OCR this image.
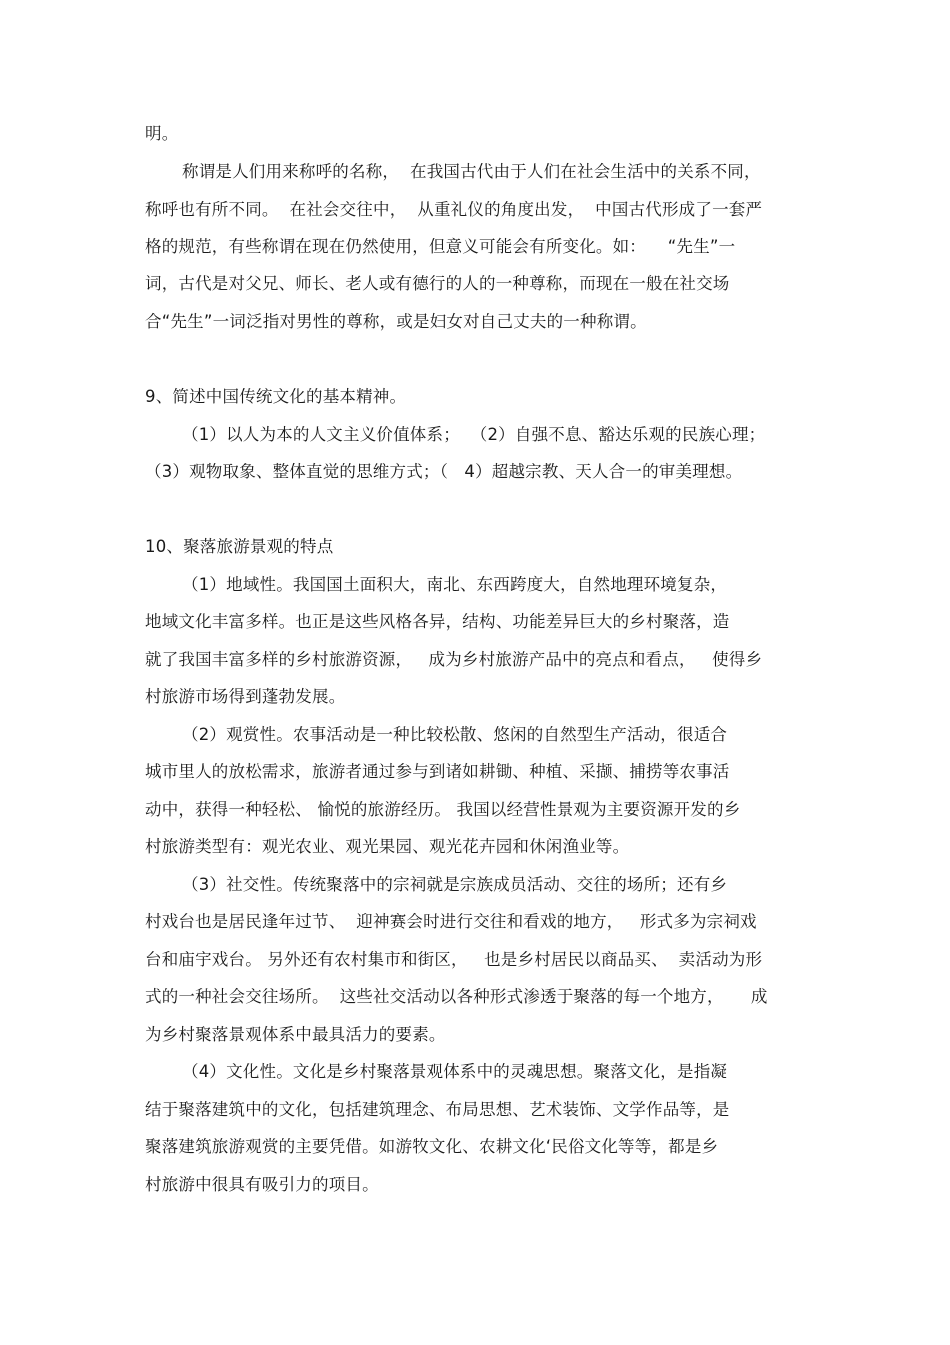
明。
称谓是人们用来称呼的名称，  在我国古代由于人们在社会生活中的关系不同，
称呼也有所不同。  在社会交往中，  从重礼仪的角度出发，  中国古代形成了一套严
格的规范，有些称谓在现在仍然使用，但意义可能会有所变化。如：    “先生”一
词，古代是对父兄、师长、老人或有德行的人的一种尊称，而现在一般在社交场
合“先生”一词泛指对男性的尊称，或是妇女对自己丈夫的一种称谓。
9、简述中国传统文化的基本精神。
（1）以人为本的人文主义价值体系；  （2）自强不息、豁达乐观的民族心理；
（3）观物取象、整体直觉的思维方式；（   4）超越宗教、天人合一的审美理想。
10、聚落旅游景观的特点
（1）地域性。我国国土面积大，南北、东西跨度大，自然地理环境复杂，
地域文化丰富多样。也正是这些风格各异，结构、功能差异巨大的乡村聚落，造
就了我国丰富多样的乡村旅游资源，   成为乡村旅游产品中的亮点和看点，   使得乡
村旅游市场得到蓬勃发展。
（2）观赏性。农事活动是一种比较松散、悠闲的自然型生产活动，很适合
城市里人的放松需求，旅游者通过参与到诸如耕锄、种植、采撷、捕捞等农事活
动中，获得一种轻松、 愉悦的旅游经历。 我国以经营性景观为主要资源开发的乡
村旅游类型有：观光农业、观光果园、观光花卉园和休闲渔业等。
（3）社交性。传统聚落中的宗祠就是宗族成员活动、交往的场所；还有乡
村戏台也是居民逢年过节、  迎神赛会时进行交往和看戏的地方，   形式多为宗祠戏
台和庙宇戏台。 另外还有农村集市和街区，   也是乡村居民以商品买、  卖活动为形
式的一种社会交往场所。  这些社交活动以各种形式渗透于聚落的每一个地方，     成
为乡村聚落景观体系中最具活力的要素。
（4）文化性。文化是乡村聚落景观体系中的灵魂思想。聚落文化，是指凝
结于聚落建筑中的文化，包括建筑理念、布局思想、艺术装饰、文学作品等，是
聚落建筑旅游观赏的主要凭借。如游牧文化、农耕文化‘民俗文化等等，都是乡
村旅游中很具有吸引力的项目。
